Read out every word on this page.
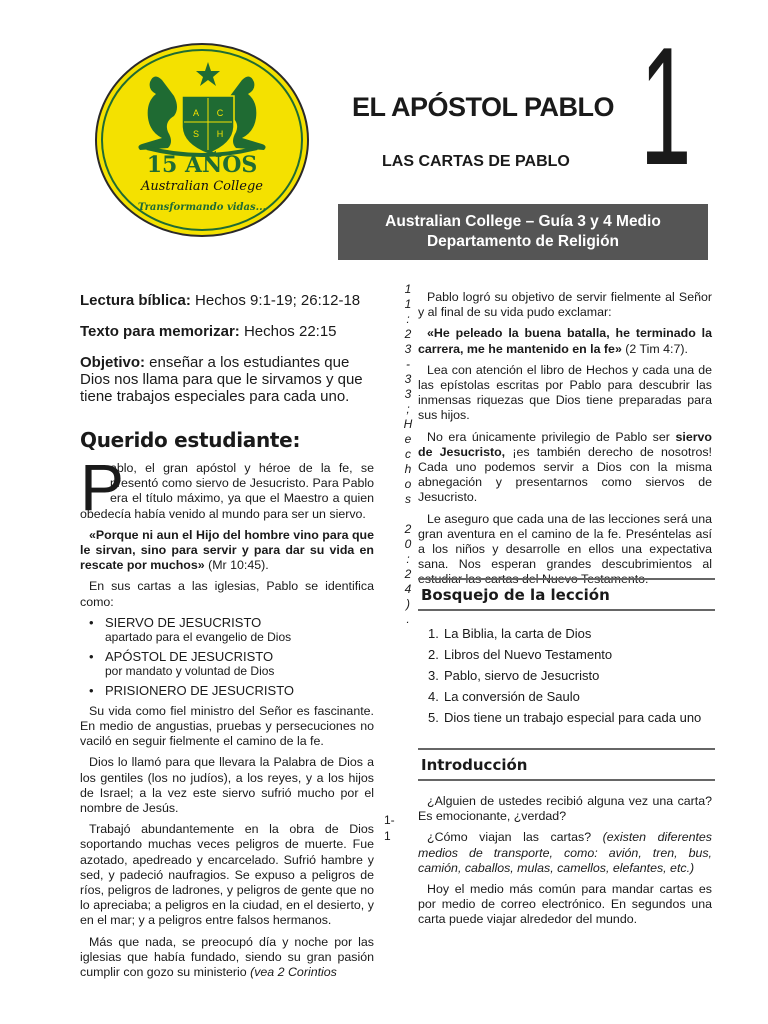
A C
S H
15 AÑOS
Australian College
Transformando vidas...
EL APÓSTOL PABLO
LAS CARTAS DE PABLO 1
Australian College – Guía 3 y 4 Medio
Departamento de Religión
Lectura bíblica: Hechos 9:1-19; 26:12-18
Texto para memorizar: Hechos 22:15
Objetivo: enseñar a los estudiantes que Dios nos llama para que le sirvamos y que tiene trabajos especiales para cada uno.
Querido estudiante:
P

ablo, el gran apóstol y héroe de la fe, se presentó como siervo de Jesucristo. Para Pablo era el título máximo, ya que el Maestro a quien obedecía había venido al mundo para ser un siervo.

«Porque ni aun el Hijo del hombre vino para que le sirvan, sino para servir y para dar su vida en rescate por muchos» (Mr 10:45).

En sus cartas a las iglesias, Pablo se identifica como:

• SIERVO DE JESUCRISTO
apartado para el evangelio de Dios
• APÓSTOL DE JESUCRISTO
por mandato y voluntad de Dios
• PRISIONERO DE JESUCRISTO

Su vida como fiel ministro del Señor es fascinante. En medio de angustias, pruebas y persecuciones no vaciló en seguir fielmente el camino de la fe.

Dios lo llamó para que llevara la Palabra de Dios a los gentiles (los no judíos), a los reyes, y a los hijos de Israel; a la vez este siervo sufrió mucho por el nombre de Jesús.

Trabajó abundantemente en la obra de Dios soportando muchas veces peligros de muerte. Fue azotado, apedreado y encarcelado. Sufrió hambre y sed, y padeció naufragios. Se expuso a peligros de ríos, peligros de ladrones, y peligros de gente que no lo apreciaba; a peligros en la ciudad, en el desierto, y en el mar; y a peligros entre falsos hermanos.

Más que nada, se preocupó día y noche por las iglesias que había fundado, siendo su gran pasión cumplir con gozo su ministerio (vea 2 Corintios

1
1
:
2
3
-
3
3
;
H
e
c
h
o
s

2
0
:
2
4
)
.
1-
1

Pablo logró su objetivo de servir fielmente al Señor y al final de su vida pudo exclamar:

«He peleado la buena batalla, he terminado la carrera, me he mantenido en la fe» (2 Tim 4:7).

Lea con atención el libro de Hechos y cada una de las epístolas escritas por Pablo para descubrir las inmensas riquezas que Dios tiene preparadas para sus hijos.

No era únicamente privilegio de Pablo ser siervo de Jesucristo, ¡es también derecho de nosotros! Cada uno podemos servir a Dios con la misma abnegación y presentarnos como siervos de Jesucristo.

Le aseguro que cada una de las lecciones será una gran aventura en el camino de la fe. Preséntelas así a los niños y desarrolle en ellos una expectativa sana. Nos esperan grandes descubrimientos al estudiar las cartas del Nuevo Testamento.

Bosquejo de la lección
1. La Biblia, la carta de Dios
2. Libros del Nuevo Testamento
3. Pablo, siervo de Jesucristo
4. La conversión de Saulo
5. Dios tiene un trabajo especial para cada uno
Introducción

¿Alguien de ustedes recibió alguna vez una carta? Es emocionante, ¿verdad?

¿Cómo viajan las cartas? (existen diferentes medios de transporte, como: avión, tren, bus, camión, caballos, mulas, camellos, elefantes, etc.)

Hoy el medio más común para mandar cartas es por medio de correo electrónico. En segundos una carta puede viajar alrededor del mundo.
